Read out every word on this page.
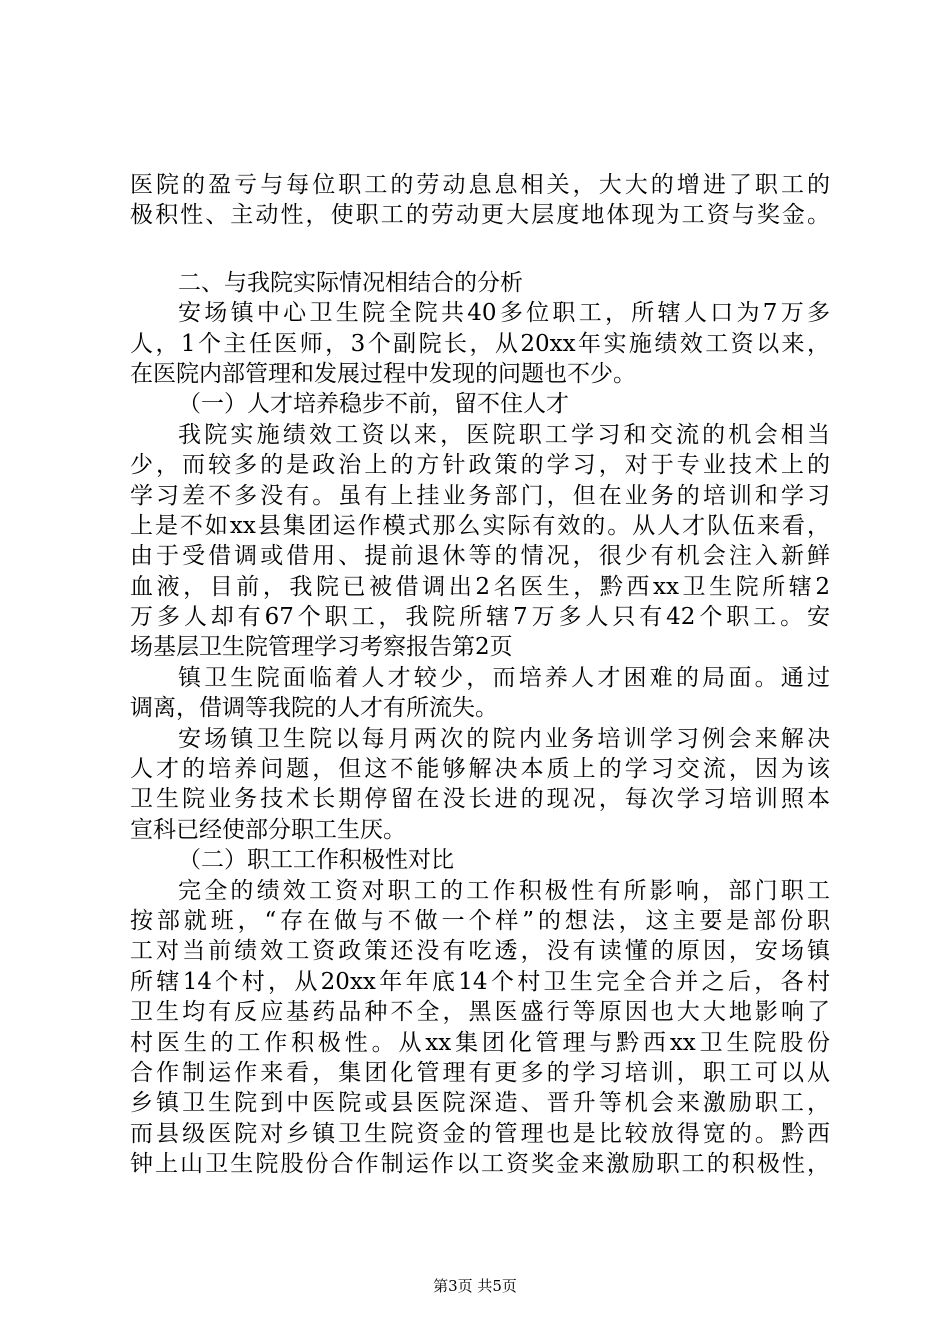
医院的盈亏与每位职工的劳动息息相关，大大的增进了职工的
极积性、主动性，使职工的劳动更大层度地体现为工资与奖金。
二、与我院实际情况相结合的分析
安场镇中心卫生院全院共40多位职工，所辖人口为7万多
人，1个主任医师，3个副院长，从20xx年实施绩效工资以来，
在医院内部管理和发展过程中发现的问题也不少。
（一）人才培养稳步不前，留不住人才
我院实施绩效工资以来，医院职工学习和交流的机会相当
少，而较多的是政治上的方针政策的学习，对于专业技术上的
学习差不多没有。虽有上挂业务部门，但在业务的培训和学习
上是不如xx县集团运作模式那么实际有效的。从人才队伍来看，
由于受借调或借用、提前退休等的情况，很少有机会注入新鲜
血液，目前，我院已被借调出2名医生，黔西xx卫生院所辖2
万多人却有67个职工，我院所辖7万多人只有42个职工。安
场基层卫生院管理学习考察报告第2页
镇卫生院面临着人才较少，而培养人才困难的局面。通过
调离，借调等我院的人才有所流失。
安场镇卫生院以每月两次的院内业务培训学习例会来解决
人才的培养问题，但这不能够解决本质上的学习交流，因为该
卫生院业务技术长期停留在没长进的现况，每次学习培训照本
宣科已经使部分职工生厌。
（二）职工工作积极性对比
完全的绩效工资对职工的工作积极性有所影响，部门职工
按部就班，“存在做与不做一个样”的想法，这主要是部份职
工对当前绩效工资政策还没有吃透，没有读懂的原因，安场镇
所辖14个村，从20xx年年底14个村卫生完全合并之后，各村
卫生均有反应基药品种不全，黑医盛行等原因也大大地影响了
村医生的工作积极性。从xx集团化管理与黔西xx卫生院股份
合作制运作来看，集团化管理有更多的学习培训，职工可以从
乡镇卫生院到中医院或县医院深造、晋升等机会来激励职工，
而县级医院对乡镇卫生院资金的管理也是比较放得宽的。黔西
钟上山卫生院股份合作制运作以工资奖金来激励职工的积极性，
第3页 共5页
